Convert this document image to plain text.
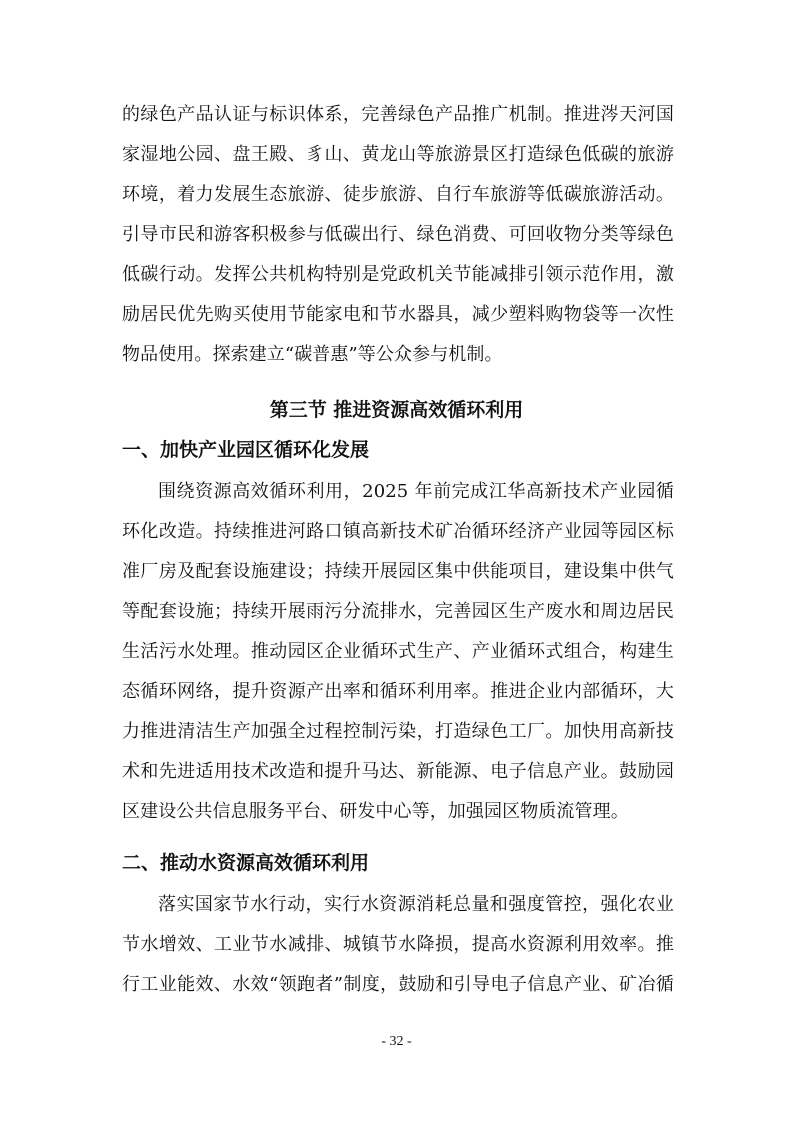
的绿色产品认证与标识体系，完善绿色产品推广机制。推进涔天河国
家湿地公园、盘王殿、豸山、黄龙山等旅游景区打造绿色低碳的旅游
环境，着力发展生态旅游、徒步旅游、自行车旅游等低碳旅游活动。
引导市民和游客积极参与低碳出行、绿色消费、可回收物分类等绿色
低碳行动。发挥公共机构特别是党政机关节能减排引领示范作用，激
励居民优先购买使用节能家电和节水器具，减少塑料购物袋等一次性
物品使用。探索建立“碳普惠”等公众参与机制。
第三节 推进资源高效循环利用
一、加快产业园区循环化发展
围绕资源高效循环利用，2025 年前完成江华高新技术产业园循
环化改造。持续推进河路口镇高新技术矿冶循环经济产业园等园区标
准厂房及配套设施建设；持续开展园区集中供能项目，建设集中供气
等配套设施；持续开展雨污分流排水，完善园区生产废水和周边居民
生活污水处理。推动园区企业循环式生产、产业循环式组合，构建生
态循环网络，提升资源产出率和循环利用率。推进企业内部循环，大
力推进清洁生产加强全过程控制污染，打造绿色工厂。加快用高新技
术和先进适用技术改造和提升马达、新能源、电子信息产业。鼓励园
区建设公共信息服务平台、研发中心等，加强园区物质流管理。
二、推动水资源高效循环利用
落实国家节水行动，实行水资源消耗总量和强度管控，强化农业
节水增效、工业节水减排、城镇节水降损，提高水资源利用效率。推
行工业能效、水效“领跑者”制度，鼓励和引导电子信息产业、矿冶循
- 32 -
